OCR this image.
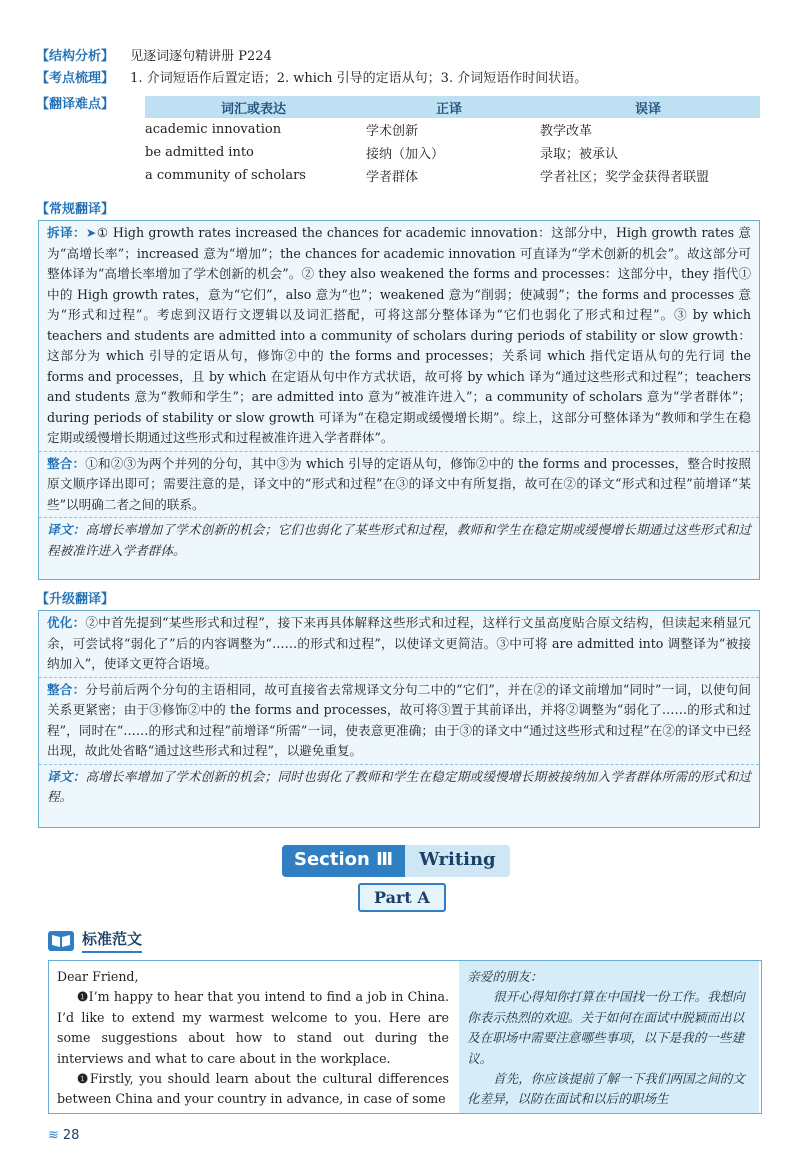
【结构分析】 见逐词逐句精讲册 P224
【考点梳理】 1. 介词短语作后置定语；2. which 引导的定语从句；3. 介词短语作时间状语。
【翻译难点】	词汇或表达	正译	误译
academic innovation	学术创新	教学改革
be admitted into	接纳（加入）	录取；被承认
a community of scholars	学者群体	学者社区；奖学金获得者联盟
【常规翻译】
拆译：➤① High growth rates increased the chances for academic innovation：这部分中，High growth rates 意为“高增长率”；increased 意为“增加”；the chances for academic innovation 可直译为“学术创新的机会”。故这部分可整体译为“高增长率增加了学术创新的机会”。② they also weakened the forms and processes：这部分中，they 指代①中的 High growth rates，意为“它们”，also 意为“也”；weakened 意为“削弱；使减弱”；the forms and processes 意为“形式和过程”。考虑到汉语行文逻辑以及词汇搭配，可将这部分整体译为“它们也弱化了形式和过程”。③ by which teachers and students are admitted into a community of scholars during periods of stability or slow growth：这部分为 which 引导的定语从句，修饰②中的 the forms and processes；关系词 which 指代定语从句的先行词 the forms and processes，且 by which 在定语从句中作方式状语，故可将 by which 译为“通过这些形式和过程”；teachers and students 意为“教师和学生”；are admitted into 意为“被准许进入”；a community of scholars 意为“学者群体”；during periods of stability or slow growth 可译为“在稳定期或缓慢增长期”。综上，这部分可整体译为“教师和学生在稳定期或缓慢增长期通过这些形式和过程被准许进入学者群体”。
整合：①和②③为两个并列的分句，其中③为 which 引导的定语从句，修饰②中的 the forms and processes，整合时按照原文顺序译出即可；需要注意的是，译文中的“形式和过程”在③的译文中有所复指，故可在②的译文“形式和过程”前增译“某些”以明确二者之间的联系。
译文：高增长率增加了学术创新的机会；它们也弱化了某些形式和过程，教师和学生在稳定期或缓慢增长期通过这些形式和过程被准许进入学者群体。
【升级翻译】
优化：②中首先提到“某些形式和过程”，接下来再具体解释这些形式和过程，这样行文虽高度贴合原文结构，但读起来稍显冗余，可尝试将“弱化了”后的内容调整为“……的形式和过程”，以使译文更简洁。③中可将 are admitted into 调整译为“被接纳加入”，使译文更符合语境。
整合：分号前后两个分句的主语相同，故可直接省去常规译文分句二中的“它们”，并在②的译文前增加“同时”一词，以使句间关系更紧密；由于③修饰②中的 the forms and processes，故可将③置于其前译出，并将②调整为“弱化了……的形式和过程”，同时在“……的形式和过程”前增译“所需”一词，使表意更准确；由于③的译文中“通过这些形式和过程”在②的译文中已经出现，故此处省略“通过这些形式和过程”，以避免重复。
译文：高增长率增加了学术创新的机会；同时也弱化了教师和学生在稳定期或缓慢增长期被接纳加入学者群体所需的形式和过程。
Section Ⅲ	Writing
Part A
标准范文
Dear Friend,
❶I’m happy to hear that you intend to find a job in China. I’d like to extend my warmest welcome to you. Here are some suggestions about how to stand out during the interviews and what to care about in the workplace.
❶Firstly, you should learn about the cultural differences between China and your country in advance, in case of some
亲爱的朋友：
很开心得知你打算在中国找一份工作。我想向你表示热烈的欢迎。关于如何在面试中脱颖而出以及在职场中需要注意哪些事项，以下是我的一些建议。
首先，你应该提前了解一下我们两国之间的文化差异，以防在面试和以后的职场生
≋ 28
